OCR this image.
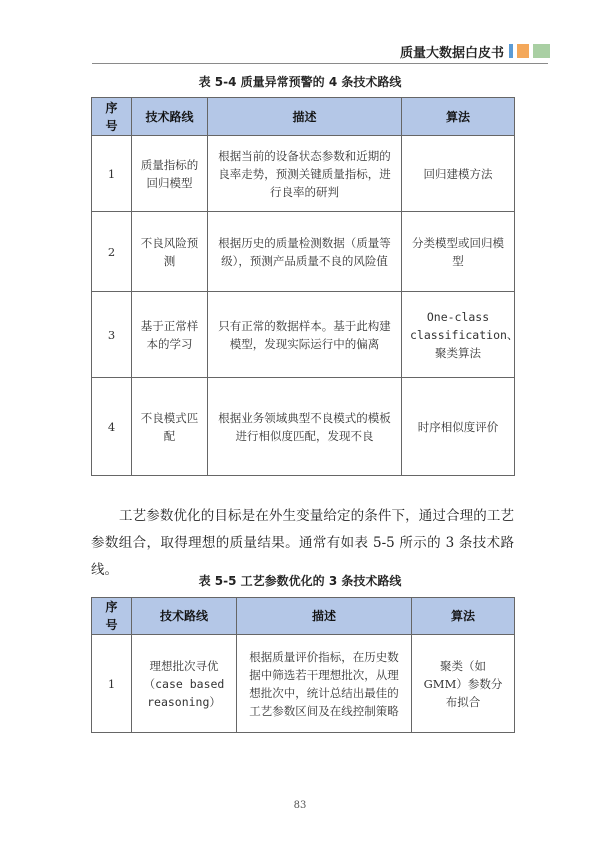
质量大数据白皮书
表 5-4 质量异常预警的 4 条技术路线
序号	技术路线	描述	算法
1	质量指标的回归模型	根据当前的设备状态参数和近期的良率走势，预测关键质量指标，进行良率的研判	回归建模方法
2	不良风险预测	根据历史的质量检测数据（质量等级），预测产品质量不良的风险值	分类模型或回归模型
3	基于正常样本的学习	只有正常的数据样本。基于此构建模型，发现实际运行中的偏离	One-class classification、聚类算法
4	不良模式匹配	根据业务领域典型不良模式的模板进行相似度匹配，发现不良	时序相似度评价

工艺参数优化的目标是在外生变量给定的条件下，通过合理的工艺参数组合，取得理想的质量结果。通常有如表 5-5 所示的 3 条技术路线。

表 5-5 工艺参数优化的 3 条技术路线
序号	技术路线	描述	算法
1	理想批次寻优（case based reasoning）	根据质量评价指标，在历史数据中筛选若干理想批次，从理想批次中，统计总结出最佳的工艺参数区间及在线控制策略	聚类（如 GMM）参数分布拟合
83
